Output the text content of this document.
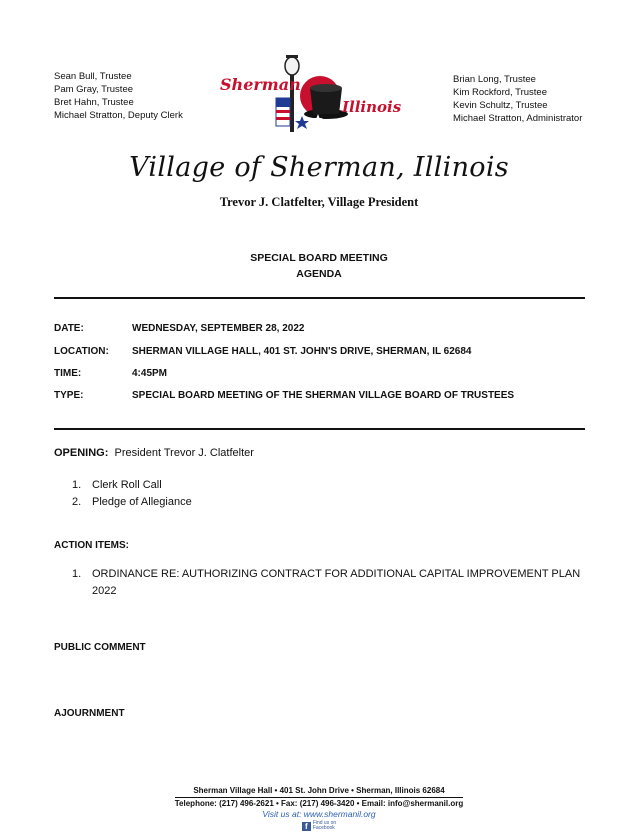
Sean Bull, Trustee
Pam Gray, Trustee
Bret Hahn, Trustee
Michael Stratton, Deputy Clerk
Brian Long, Trustee
Kim Rockford, Trustee
Kevin Schultz, Trustee
Michael Stratton, Administrator
Sherman
Illinois
Village of Sherman, Illinois
Trevor J. Clatfelter, Village President
SPECIAL BOARD MEETING
AGENDA
DATE:	WEDNESDAY, SEPTEMBER 28, 2022
LOCATION:	SHERMAN VILLAGE HALL, 401 ST. JOHN'S DRIVE, SHERMAN, IL 62684
TIME:	4:45PM
TYPE:	SPECIAL BOARD MEETING OF THE SHERMAN VILLAGE BOARD OF TRUSTEES
OPENING: President Trevor J. Clatfelter
1. Clerk Roll Call
2. Pledge of Allegiance
ACTION ITEMS:
1. ORDINANCE RE: AUTHORIZING CONTRACT FOR ADDITIONAL CAPITAL IMPROVEMENT PLAN 2022
PUBLIC COMMENT
AJOURNMENT
Sherman Village Hall • 401 St. John Drive • Sherman, Illinois 62684
Telephone: (217) 496-2621 • Fax: (217) 496-3420 • Email: info@shermanil.org
Visit us at: www.shermanil.org
f	Find us on
Facebook
